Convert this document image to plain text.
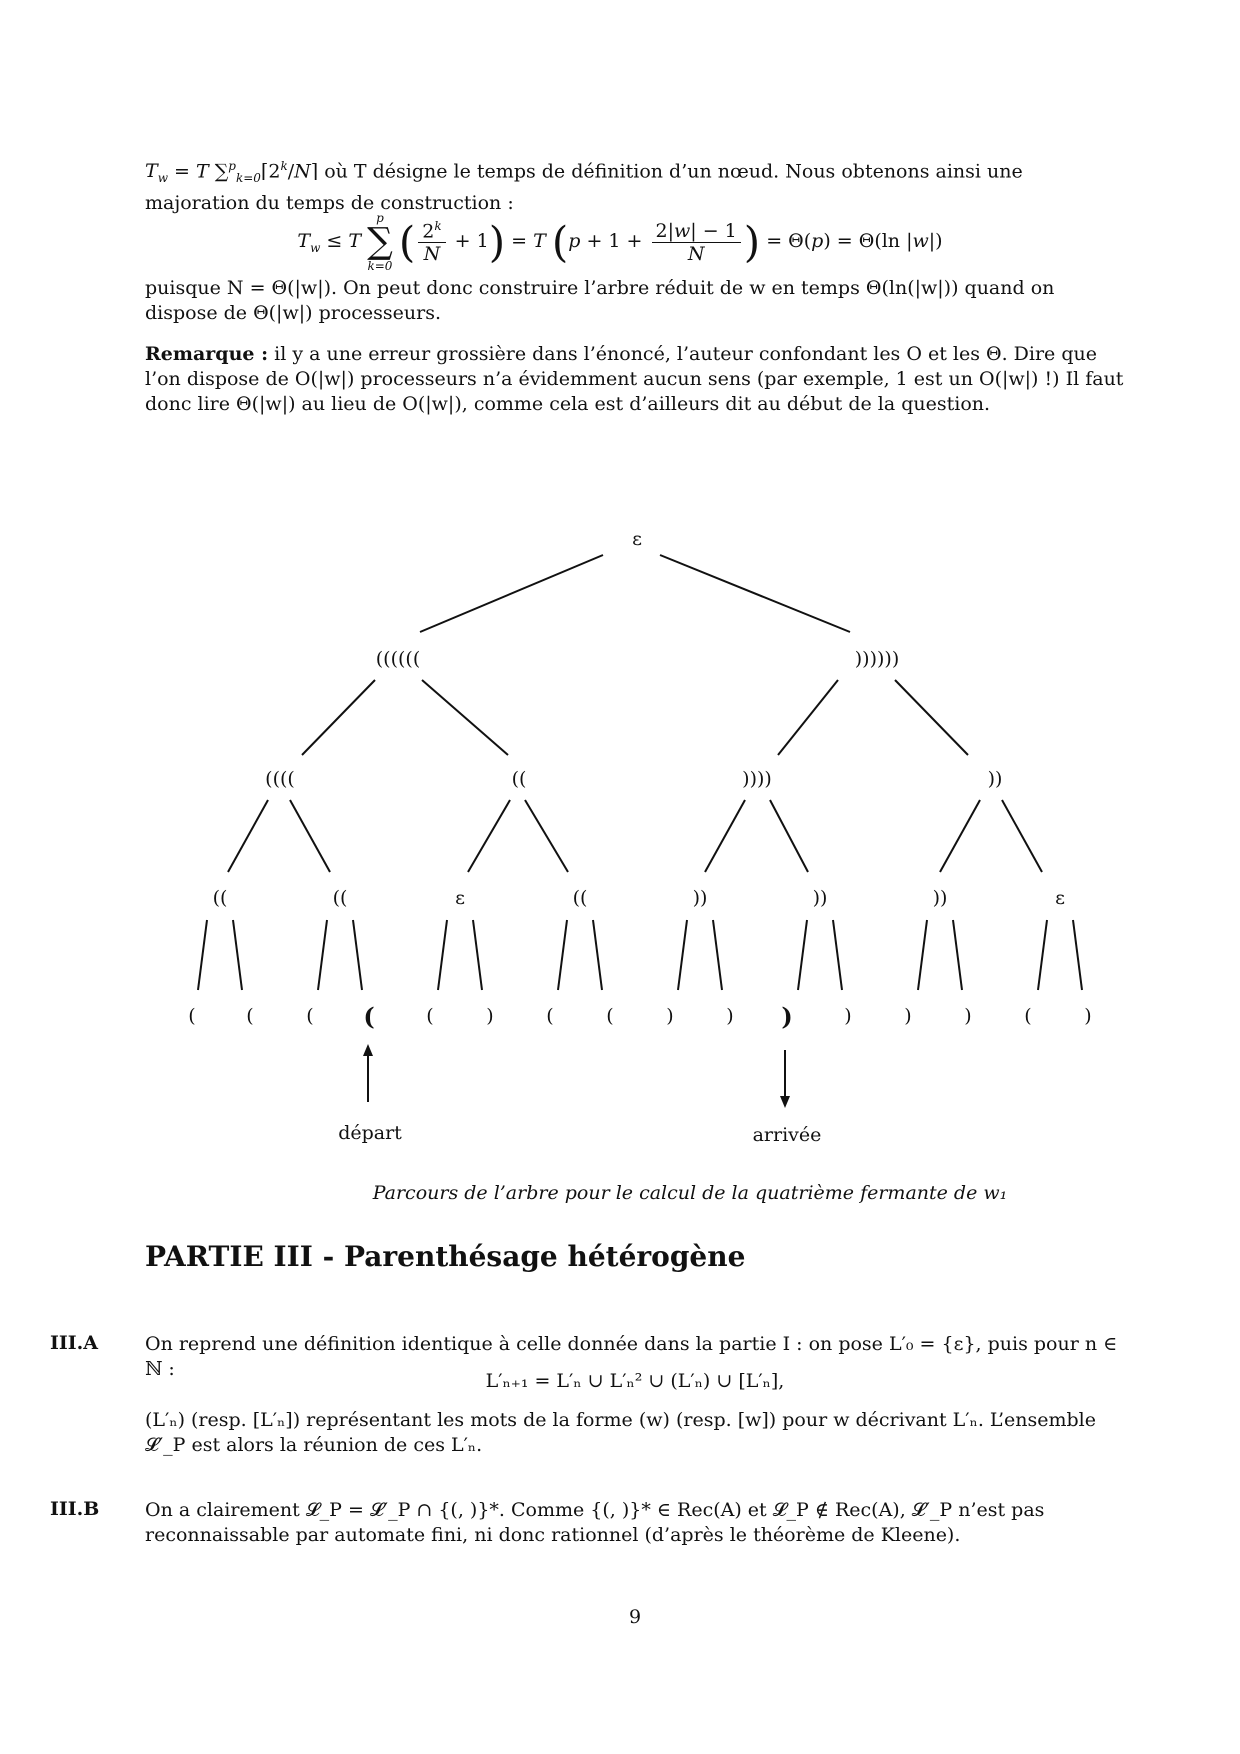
$T_w = T$ $\sum^p_{k=0}⌈2^k/N⌉$ où T désigne le temps de définition d’un nœud. Nous obtenons ainsi une majoration du temps de construction :
$T_w \le T$
p
∑
k=0 ( $\frac{2^k}{N} + 1) = T$ ($p + 1 + \frac{2|w| - 1}{N}$ ) = Θ(p) = Θ(ln |w|)
puisque N = Θ(|w|). On peut donc construire l’arbre réduit de w en temps Θ(ln(|w|)) quand on dispose de Θ(|w|) processeurs.
Remarque : il y a une erreur grossière dans l’énoncé, l’auteur confondant les O et les Θ. Dire que l’on dispose de O(|w|) processeurs n’a évidemment aucun sens (par exemple, 1 est un O(|w|) !) Il faut donc lire Θ(|w|) au lieu de O(|w|), comme cela est d’ailleurs dit au début de la question.
ε
((((((	))))))
((((	((	))))	))
((	((	ε	((	))	))	))	ε
(	(	( (	(	)	(	(	)	) )	)	)	)	(	)
départ	arrivée
Parcours de l’arbre pour le calcul de la quatrième fermante de w₁
PARTIE III - Parenthésage hétérogène
III.A On reprend une définition identique à celle donnée dans la partie I : on pose L′₀ = {ε}, puis pour n ∈ ℕ :
L′ₙ₊₁ = L′ₙ ∪ L′ₙ² ∪ (L′ₙ) ∪ [L′ₙ],
(L′ₙ) (resp. [L′ₙ]) représentant les mots de la forme (w) (resp. [w]) pour w décrivant L′ₙ. L’ensemble 𝓛′_P est alors la réunion de ces L′ₙ.
III.B On a clairement 𝓛_P = 𝓛′_P ∩ {(, )}*. Comme {(, )}* ∈ Rec(A) et 𝓛_P ∉ Rec(A), 𝓛′_P n’est pas reconnaissable par automate fini, ni donc rationnel (d’après le théorème de Kleene).
9
